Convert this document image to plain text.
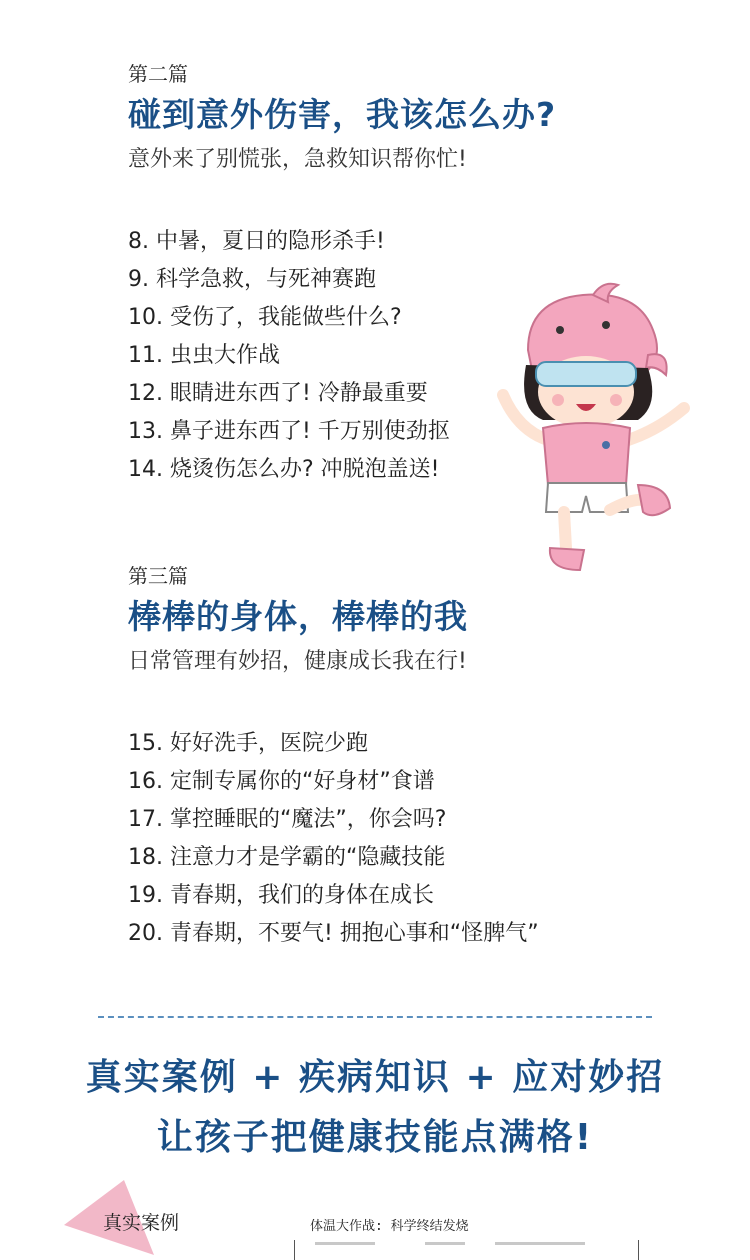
第二篇
碰到意外伤害，我该怎么办?
意外来了别慌张，急救知识帮你忙!
8. 中暑，夏日的隐形杀手!
9. 科学急救，与死神赛跑
10. 受伤了，我能做些什么?
11. 虫虫大作战
12. 眼睛进东西了! 冷静最重要
13. 鼻子进东西了! 千万别使劲抠
14. 烧烫伤怎么办? 冲脱泡盖送!
第三篇
棒棒的身体，棒棒的我
日常管理有妙招，健康成长我在行!
15. 好好洗手，医院少跑
16. 定制专属你的“好身材”食谱
17. 掌控睡眠的“魔法”，你会吗?
18. 注意力才是学霸的“隐藏技能
19. 青春期，我们的身体在成长
20. 青春期，不要气! 拥抱心事和“怪脾气”
真实案例 + 疾病知识 + 应对妙招
让孩子把健康技能点满格!
真实案例	体温大作战: 科学终结发烧
